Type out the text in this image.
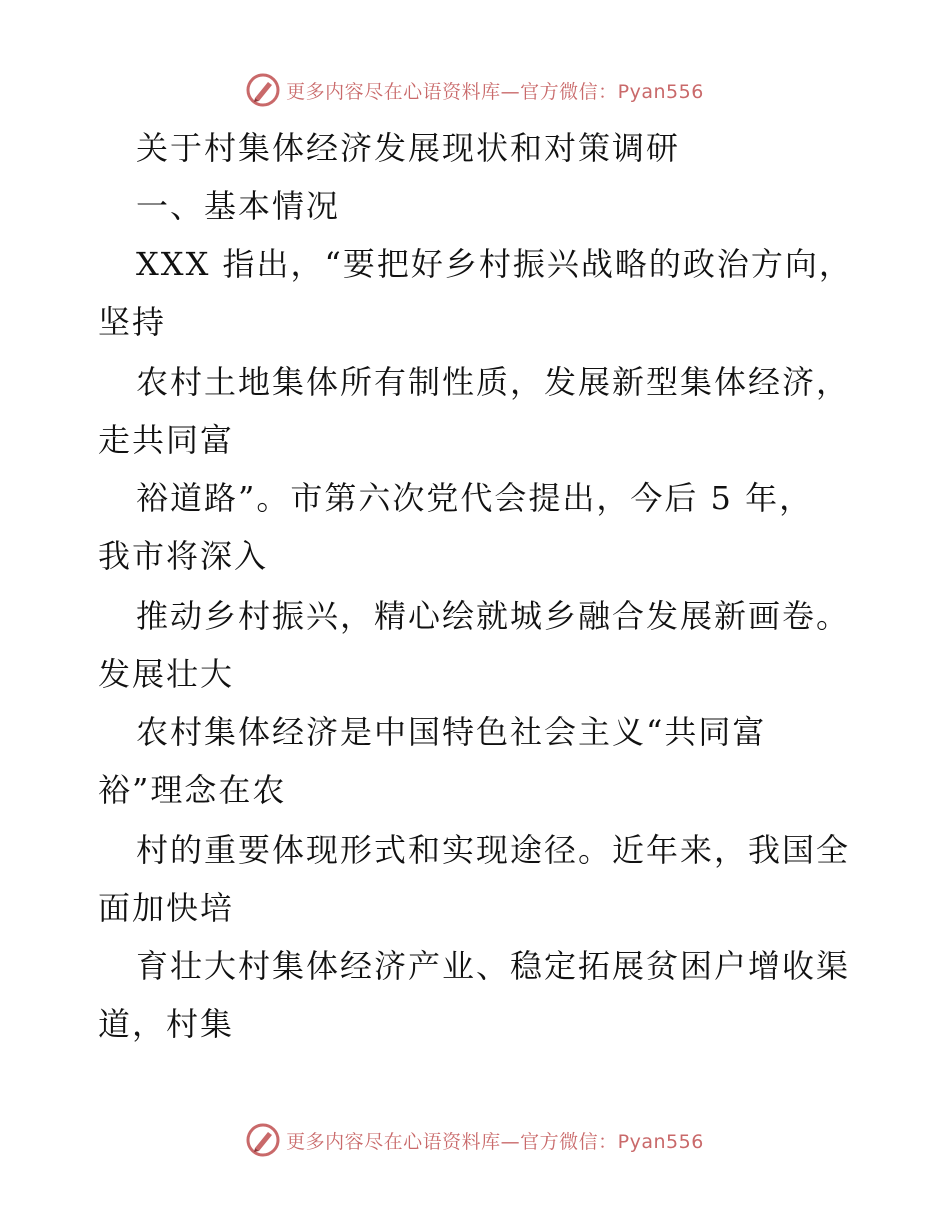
更多内容尽在心语资料库—官方微信：Pyan556
关于村集体经济发展现状和对策调研
一、基本情况
XXX 指出，“要把好乡村振兴战略的政治方向，
坚持
农村土地集体所有制性质，发展新型集体经济，
走共同富
裕道路”。市第六次党代会提出，今后 5 年，
我市将深入
推动乡村振兴，精心绘就城乡融合发展新画卷。
发展壮大
农村集体经济是中国特色社会主义“共同富
裕”理念在农
村的重要体现形式和实现途径。近年来，我国全
面加快培
育壮大村集体经济产业、稳定拓展贫困户增收渠
道，村集
更多内容尽在心语资料库—官方微信：Pyan556
